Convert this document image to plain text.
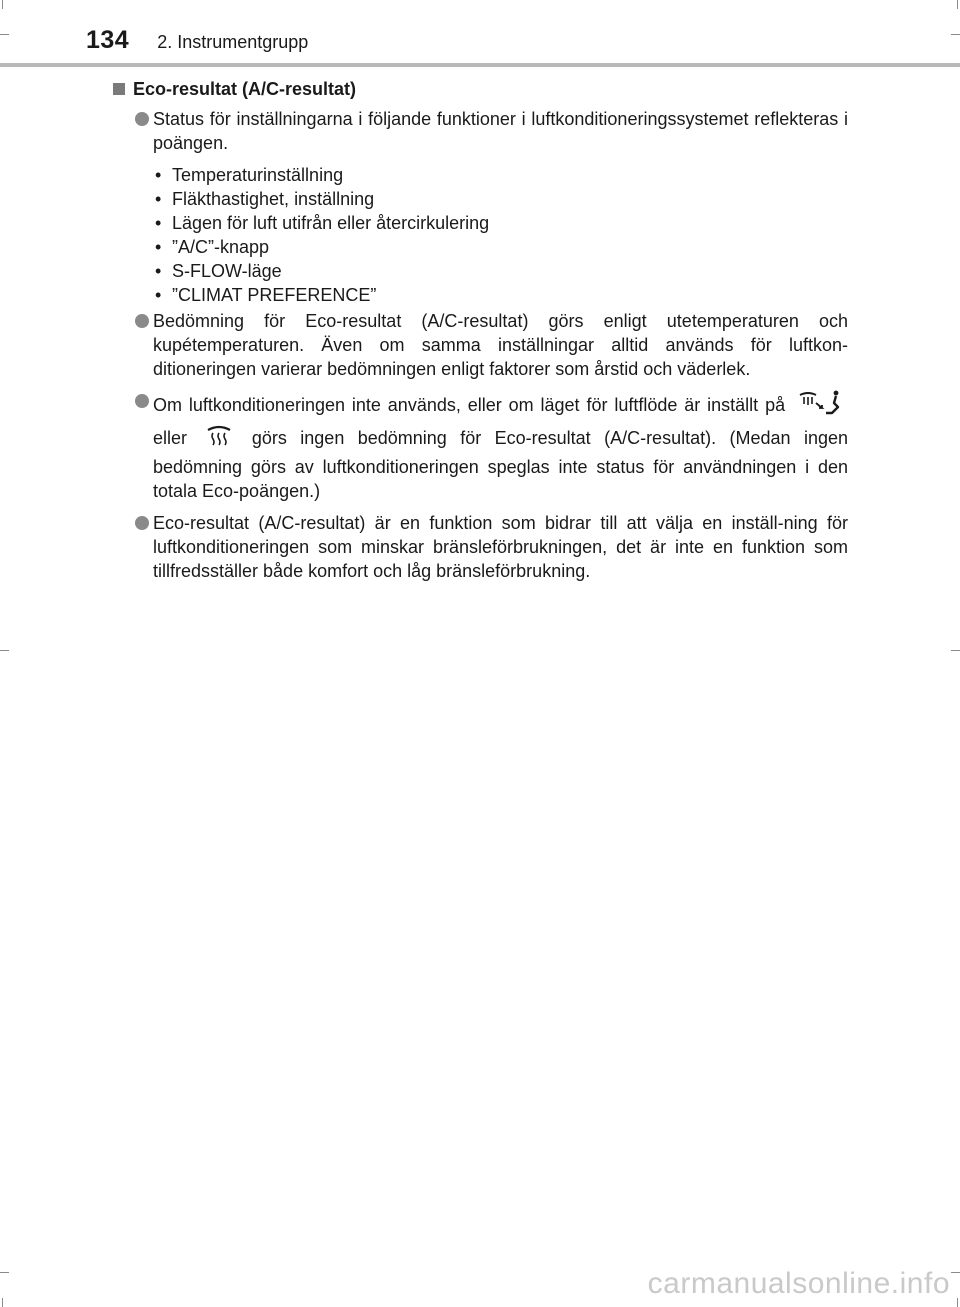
134 2. Instrumentgrupp
Eco-resultat (A/C-resultat)
Status för inställningarna i följande funktioner i luftkonditioneringssystemet reflekteras i poängen.
• Temperaturinställning
• Fläkthastighet, inställning
• Lägen för luft utifrån eller återcirkulering
• ”A/C”-knapp
• S-FLOW-läge
• ”CLIMAT PREFERENCE”
Bedömning för Eco-resultat (A/C-resultat) görs enligt utetemperaturen och kupétemperaturen. Även om samma inställningar alltid används för luftkon-ditioneringen varierar bedömningen enligt faktorer som årstid och väderlek.
Om luftkonditioneringen inte används, eller om läget för luftflöde är inställt på  eller	görs ingen bedömning för Eco-resultat (A/C-resultat). (Medan ingen bedömning görs av luftkonditioneringen speglas inte status för användningen i den totala Eco-poängen.)
Eco-resultat (A/C-resultat) är en funktion som bidrar till att välja en inställ-ning för luftkonditioneringen som minskar bränsleförbrukningen, det är inte en funktion som tillfredsställer både komfort och låg bränsleförbrukning.
carmanualsonline.info
